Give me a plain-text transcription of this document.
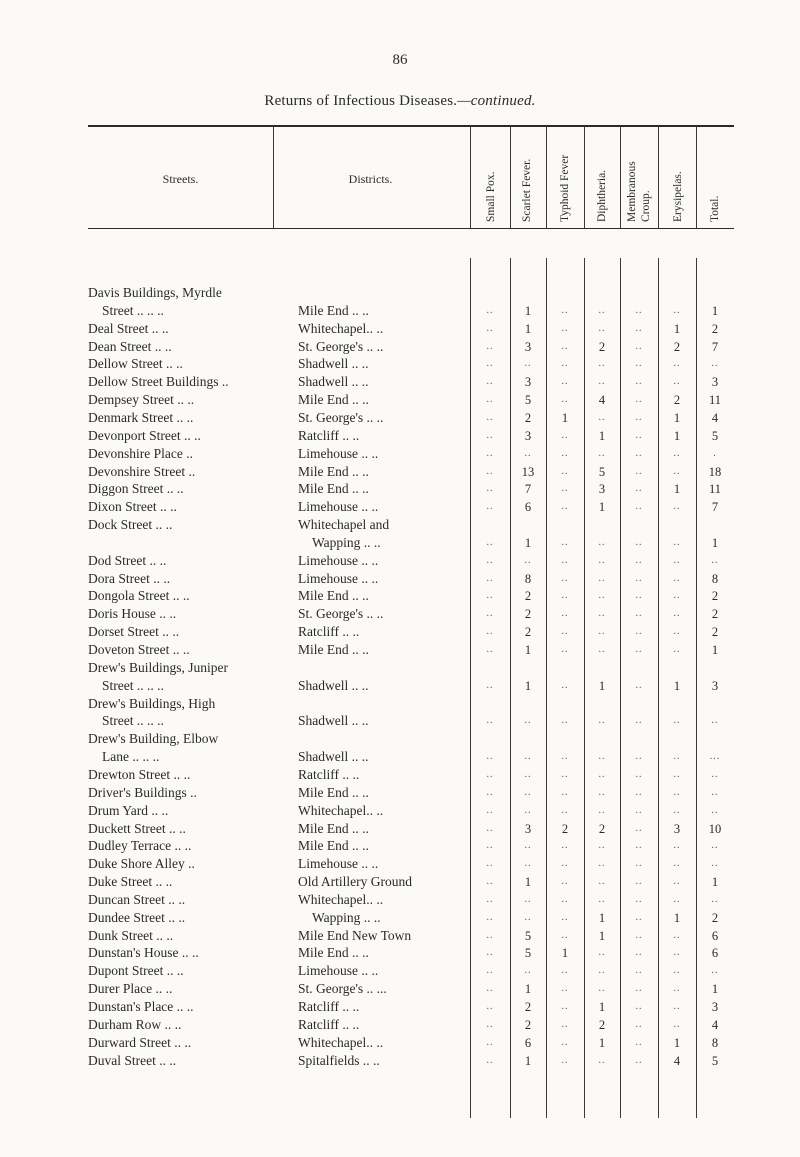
86
Returns of Infectious Diseases.—continued.
Streets.	Districts.	Small Pox. Scarlet Fever. Typhoid Fever Diphtheria. Membranous Croup. Erysipelas. Total.
Davis Buildings, Myrdle
Street .. .. ..	Mile End .. ..	..	1	..	..	..	..	1
Deal Street .. ..	Whitechapel.. ..	..	1	..	..	..	1	2
Dean Street .. ..	St. George's .. ..	..	3	..	2	..	2	7
Dellow Street .. ..	Shadwell .. ..	..	..	..	..	..	..	..
Dellow Street Buildings ..	Shadwell .. ..	..	3	..	..	..	..	3
Dempsey Street .. ..	Mile End .. ..	..	5	..	4	..	2	11
Denmark Street .. ..	St. George's .. ..	..	2	1	..	..	1	4
Devonport Street .. ..	Ratcliff .. ..	..	3	..	1	..	1	5
Devonshire Place ..	Limehouse .. ..	..	..	..	..	..	..	.
Devonshire Street ..	Mile End .. ..	..	13	..	5	..	..	18
Diggon Street .. ..	Mile End .. ..	..	7	..	3	..	1	11
Dixon Street .. ..	Limehouse .. ..	..	6	..	1	..	..	7
Dock Street .. ..	Whitechapel and
Wapping .. ..	..	1	..	..	..	..	1
Dod Street .. ..	Limehouse .. ..	..	..	..	..	..	..	..
Dora Street .. ..	Limehouse .. ..	..	8	..	..	..	..	8
Dongola Street .. ..	Mile End .. ..	..	2	..	..	..	..	2
Doris House .. ..	St. George's .. ..	..	2	..	..	..	..	2
Dorset Street .. ..	Ratcliff .. ..	..	2	..	..	..	..	2
Doveton Street .. ..	Mile End .. ..	..	1	..	..	..	..	1
Drew's Buildings, Juniper
Street .. .. ..	Shadwell .. ..	..	1	..	1	..	1	3
Drew's Buildings, High
Street .. .. ..	Shadwell .. ..	..	..	..	..	..	..	..
Drew's Building, Elbow
Lane .. .. ..	Shadwell .. ..	..	..	..	..	..	..	...
Drewton Street .. ..	Ratcliff .. ..	..	..	..	..	..	..	..
Driver's Buildings ..	Mile End .. ..	..	..	..	..	..	..	..
Drum Yard .. ..	Whitechapel.. ..	..	..	..	..	..	..	..
Duckett Street .. ..	Mile End .. ..	..	3	2	2	..	3	10
Dudley Terrace .. ..	Mile End .. ..	..	..	..	..	..	..	..
Duke Shore Alley ..	Limehouse .. ..	..	..	..	..	..	..	..
Duke Street .. ..	Old Artillery Ground	..	1	..	..	..	..	1
Duncan Street .. ..	Whitechapel.. ..	..	..	..	..	..	..	..
Dundee Street .. ..	Wapping .. ..	..	..	..	1	..	1	2
Dunk Street .. ..	Mile End New Town	..	5	..	1	..	..	6
Dunstan's House .. ..	Mile End .. ..	..	5	1	..	..	..	6
Dupont Street .. ..	Limehouse .. ..	..	..	..	..	..	..	..
Durer Place .. ..	St. George's .. ...	..	1	..	..	..	..	1
Dunstan's Place .. ..	Ratcliff .. ..	..	2	..	1	..	..	3
Durham Row .. ..	Ratcliff .. ..	..	2	..	2	..	..	4
Durward Street .. ..	Whitechapel.. ..	..	6	..	1	..	1	8
Duval Street .. ..	Spitalfields .. ..	..	1	..	..	..	4	5
